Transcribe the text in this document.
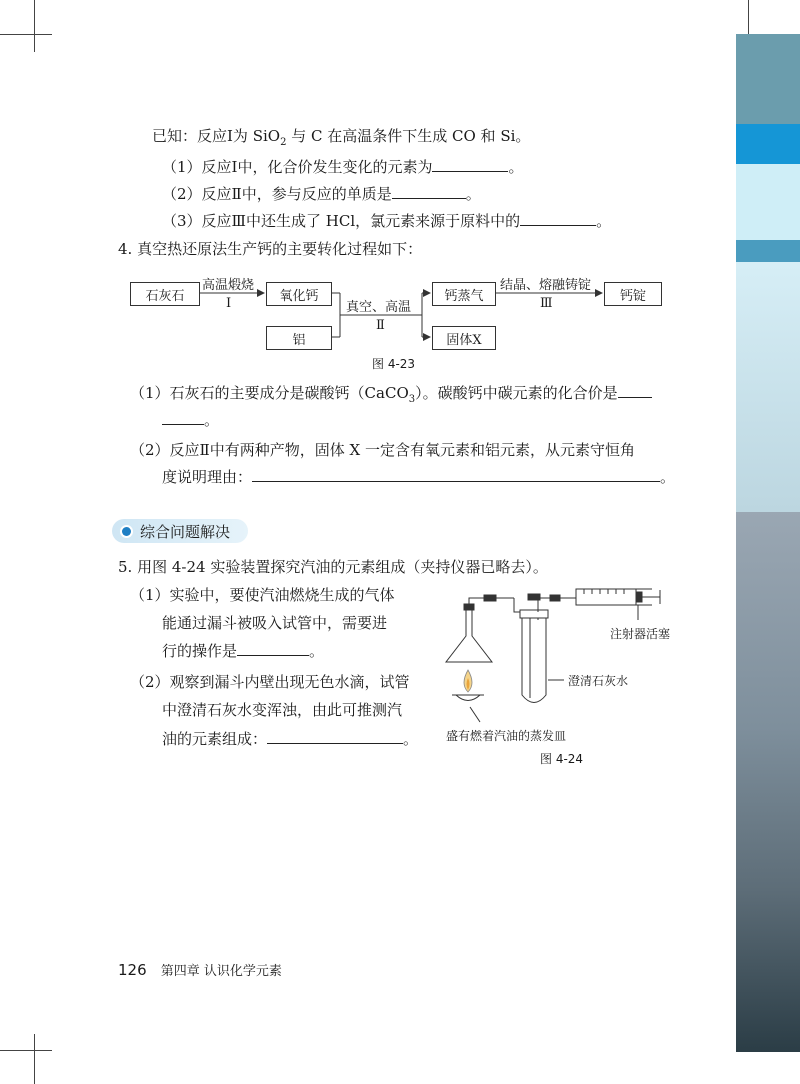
已知：反应Ⅰ为 SiO$_2$ 与 C 在高温条件下生成 CO 和 Si。
（1）反应Ⅰ中，化合价发生变化的元素为	。
（2）反应Ⅱ中，参与反应的单质是	。
（3）反应Ⅲ中还生成了 HCl，氯元素来源于原料中的	。
4. 真空热还原法生产钙的主要转化过程如下：
石灰石
高温煅烧
Ⅰ	氧化钙
铝
真空、高温
Ⅱ
钙蒸气
固体X
结晶、熔融铸锭
Ⅲ	钙锭
图 4-23
（1）石灰石的主要成分是碳酸钙（CaCO$_3$）。碳酸钙中碳元素的化合价是
。
（2）反应Ⅱ中有两种产物，固体 X 一定含有氧元素和铝元素，从元素守恒角
度说明理由：	。
综合问题解决
5. 用图 4-24 实验装置探究汽油的元素组成（夹持仪器已略去）。
（1）实验中，要使汽油燃烧生成的气体
能通过漏斗被吸入试管中，需要进
行的操作是	。
（2）观察到漏斗内壁出现无色水滴，试管
中澄清石灰水变浑浊，由此可推测汽
油的元素组成：	。
注射器活塞
澄清石灰水
盛有燃着汽油的蒸发皿
图 4-24
126 第四章 认识化学元素
